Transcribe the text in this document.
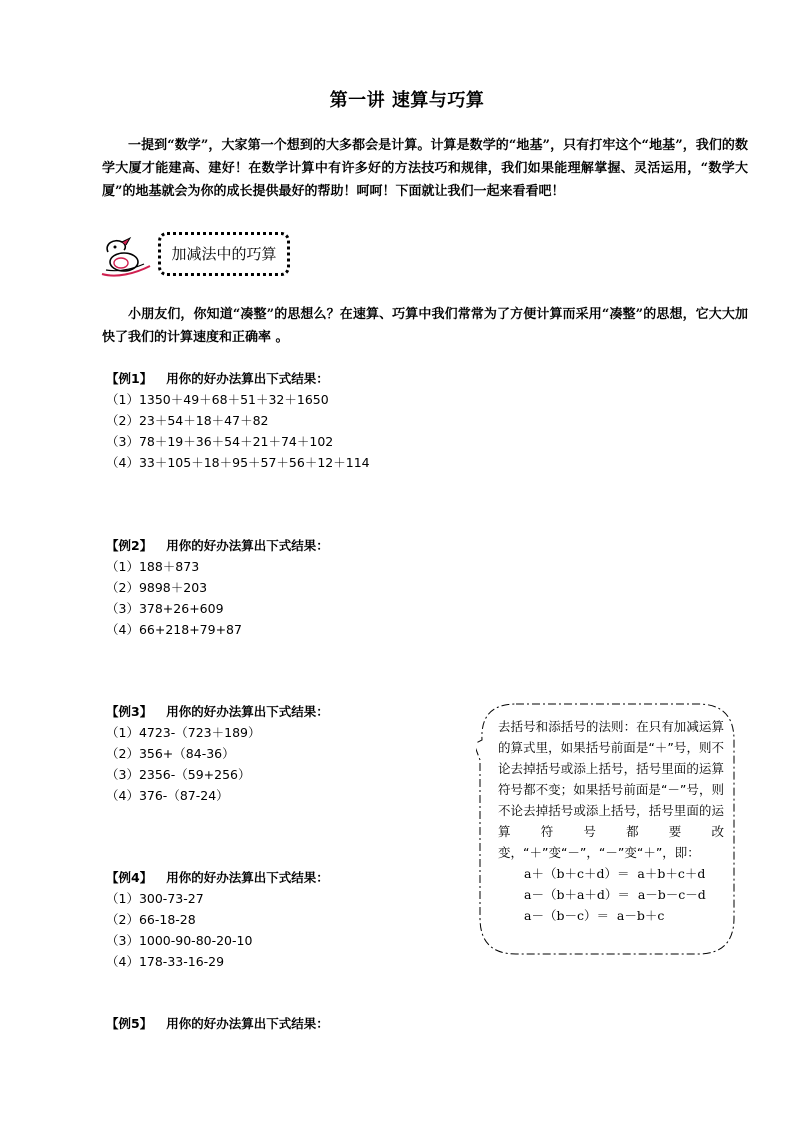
第一讲 速算与巧算
一提到“数学”，大家第一个想到的大多都会是计算。计算是数学的“地基”，只有打牢这个“地基”，我们的数学大厦才能建高、建好！在数学计算中有许多好的方法技巧和规律，我们如果能理解掌握、灵活运用，“数学大厦”的地基就会为你的成长提供最好的帮助！呵呵！下面就让我们一起来看看吧！
加减法中的巧算
小朋友们，你知道“凑整”的思想么？在速算、巧算中我们常常为了方便计算而采用“凑整”的思想，它大大加快了我们的计算速度和正确率 。
【例1】 用你的好办法算出下式结果：
（1）1350＋49＋68＋51＋32＋1650
（2）23＋54＋18＋47＋82
（3）78＋19＋36＋54＋21＋74＋102
（4）33＋105＋18＋95＋57＋56＋12＋114
【例2】 用你的好办法算出下式结果：
（1）188＋873
（2）9898＋203
（3）378+26+609
（4）66+218+79+87
【例3】 用你的好办法算出下式结果：
（1）4723-（723＋189）
（2）356+（84-36）
（3）2356-（59+256）
（4）376-（87-24）
【例4】 用你的好办法算出下式结果：
（1）300-73-27
（2）66-18-28
（3）1000-90-80-20-10
（4）178-33-16-29
【例5】 用你的好办法算出下式结果：
去括号和添括号的法则：在只有加减运算的算式里，如果括号前面是“＋”号，则不论去掉括号或添上括号，括号里面的运算符号都不变；如果括号前面是“－”号，则不论去掉括号或添上括号，括号里面的运算符号都要改变，“＋”变“－”，“－”变“＋”，即：
a＋（b＋c＋d）＝  a＋b＋c＋d
a－（b＋a＋d）＝  a－b－c－d
a－（b－c）＝  a－b＋c
